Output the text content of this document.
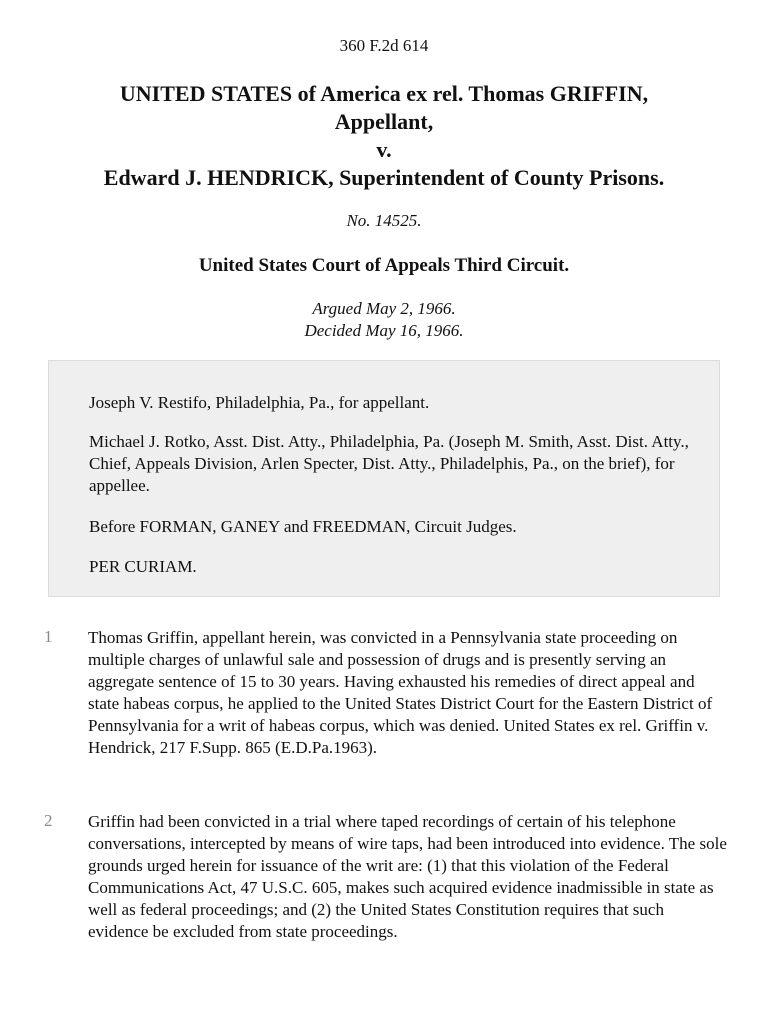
360 F.2d 614
UNITED STATES of America ex rel. Thomas GRIFFIN,
Appellant,
v.
Edward J. HENDRICK, Superintendent of County Prisons.
No. 14525.
United States Court of Appeals Third Circuit.
Argued May 2, 1966.
Decided May 16, 1966.

Joseph V. Restifo, Philadelphia, Pa., for appellant.

Michael J. Rotko, Asst. Dist. Atty., Philadelphia, Pa. (Joseph M. Smith, Asst. Dist. Atty., Chief, Appeals Division, Arlen Specter, Dist. Atty., Philadelphis, Pa., on the brief), for appellee.

Before FORMAN, GANEY and FREEDMAN, Circuit Judges.

PER CURIAM.

1 Thomas Griffin, appellant herein, was convicted in a Pennsylvania state proceeding on multiple charges of unlawful sale and possession of drugs and is presently serving an aggregate sentence of 15 to 30 years. Having exhausted his remedies of direct appeal and state habeas corpus, he applied to the United States District Court for the Eastern District of Pennsylvania for a writ of habeas corpus, which was denied. United States ex rel. Griffin v. Hendrick, 217 F.Supp. 865 (E.D.Pa.1963).

2 Griffin had been convicted in a trial where taped recordings of certain of his telephone conversations, intercepted by means of wire taps, had been introduced into evidence. The sole grounds urged herein for issuance of the writ are: (1) that this violation of the Federal Communications Act, 47 U.S.C. 605, makes such acquired evidence inadmissible in state as well as federal proceedings; and (2) the United States Constitution requires that such evidence be excluded from state proceedings.
